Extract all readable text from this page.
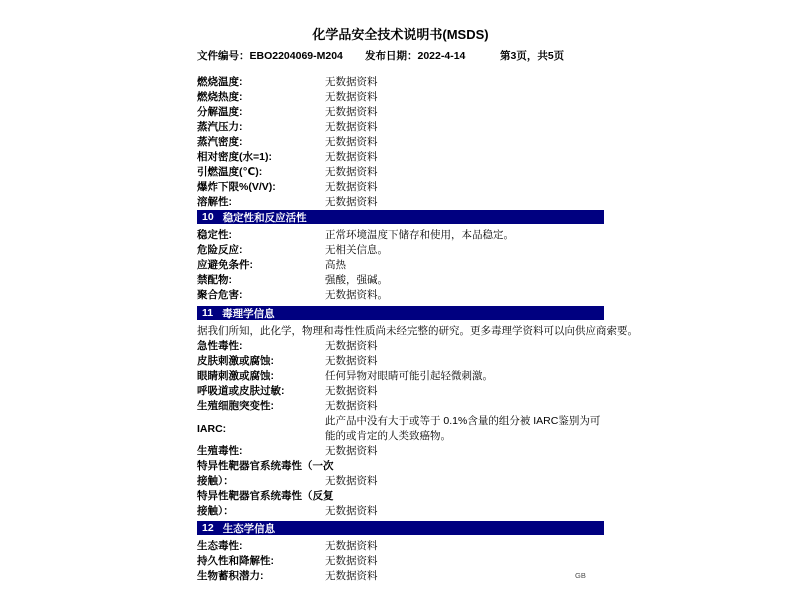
化学品安全技术说明书(MSDS)
文件编号：EBO2204069-M204 发布日期：2022-4-14	第3页，共5页
燃烧温度:	无数据资料
燃烧热度:	无数据资料
分解温度:	无数据资料
蒸汽压力:	无数据资料
蒸汽密度:	无数据资料
相对密度(水=1):	无数据资料
引燃温度(℃):	无数据资料
爆炸下限%(V/V):	无数据资料
溶解性:	无数据资料
10 稳定性和反应活性
稳定性:	正常环境温度下储存和使用，本品稳定。
危险反应:	无相关信息。
应避免条件:	高热
禁配物:	强酸，强碱。
聚合危害:	无数据资料。
11 毒理学信息
据我们所知，此化学，物理和毒性性质尚未经完整的研究。更多毒理学资料可以向供应商索要。
急性毒性:	无数据资料
皮肤刺激或腐蚀:	无数据资料
眼睛刺激或腐蚀:	任何异物对眼睛可能引起轻微刺激。
呼吸道或皮肤过敏:	无数据资料
生殖细胞突变性:	无数据资料
IARC:
此产品中没有大于或等于 0.1%含量的组分被 IARC鉴别为可能的或肯定的人类致癌物。
生殖毒性:	无数据资料
特异性靶器官系统毒性（一次
接触）：	无数据资料
特异性靶器官系统毒性（反复
接触）：	无数据资料
12 生态学信息
生态毒性:	无数据资料
持久性和降解性:	无数据资料
生物蓄积潜力:	无数据资料	GB
